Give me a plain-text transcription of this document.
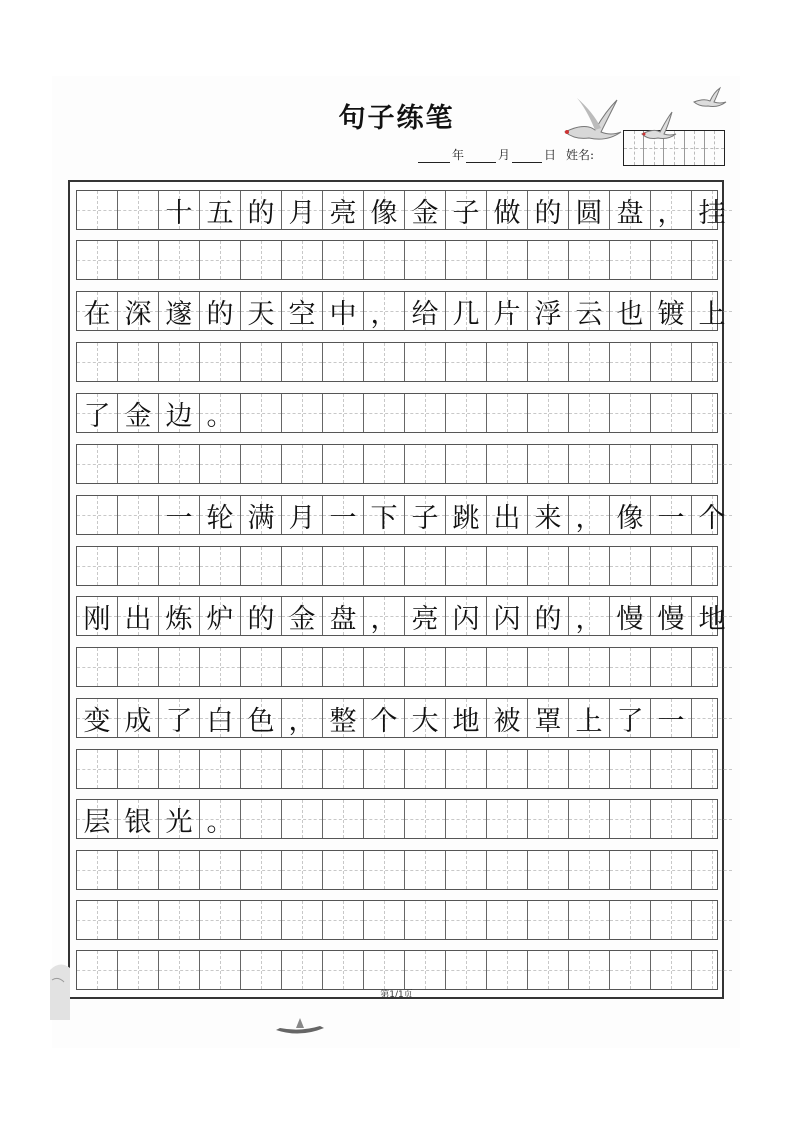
句子练笔
年	月	日 姓名:
十 五 的 月 亮 像 金 子 做 的 圆 盘 ， 挂
在 深 邃 的 天 空 中 ， 给 几 片 浮 云 也 镀 上
了 金 边 。
一 轮 满 月 一 下 子 跳 出 来 ， 像 一 个
刚 出 炼 炉 的 金 盘 ， 亮 闪 闪 的 ， 慢 慢 地
变 成 了 白 色 ， 整 个 大 地 被 罩 上 了 一
层 银 光 。
第1/1页
